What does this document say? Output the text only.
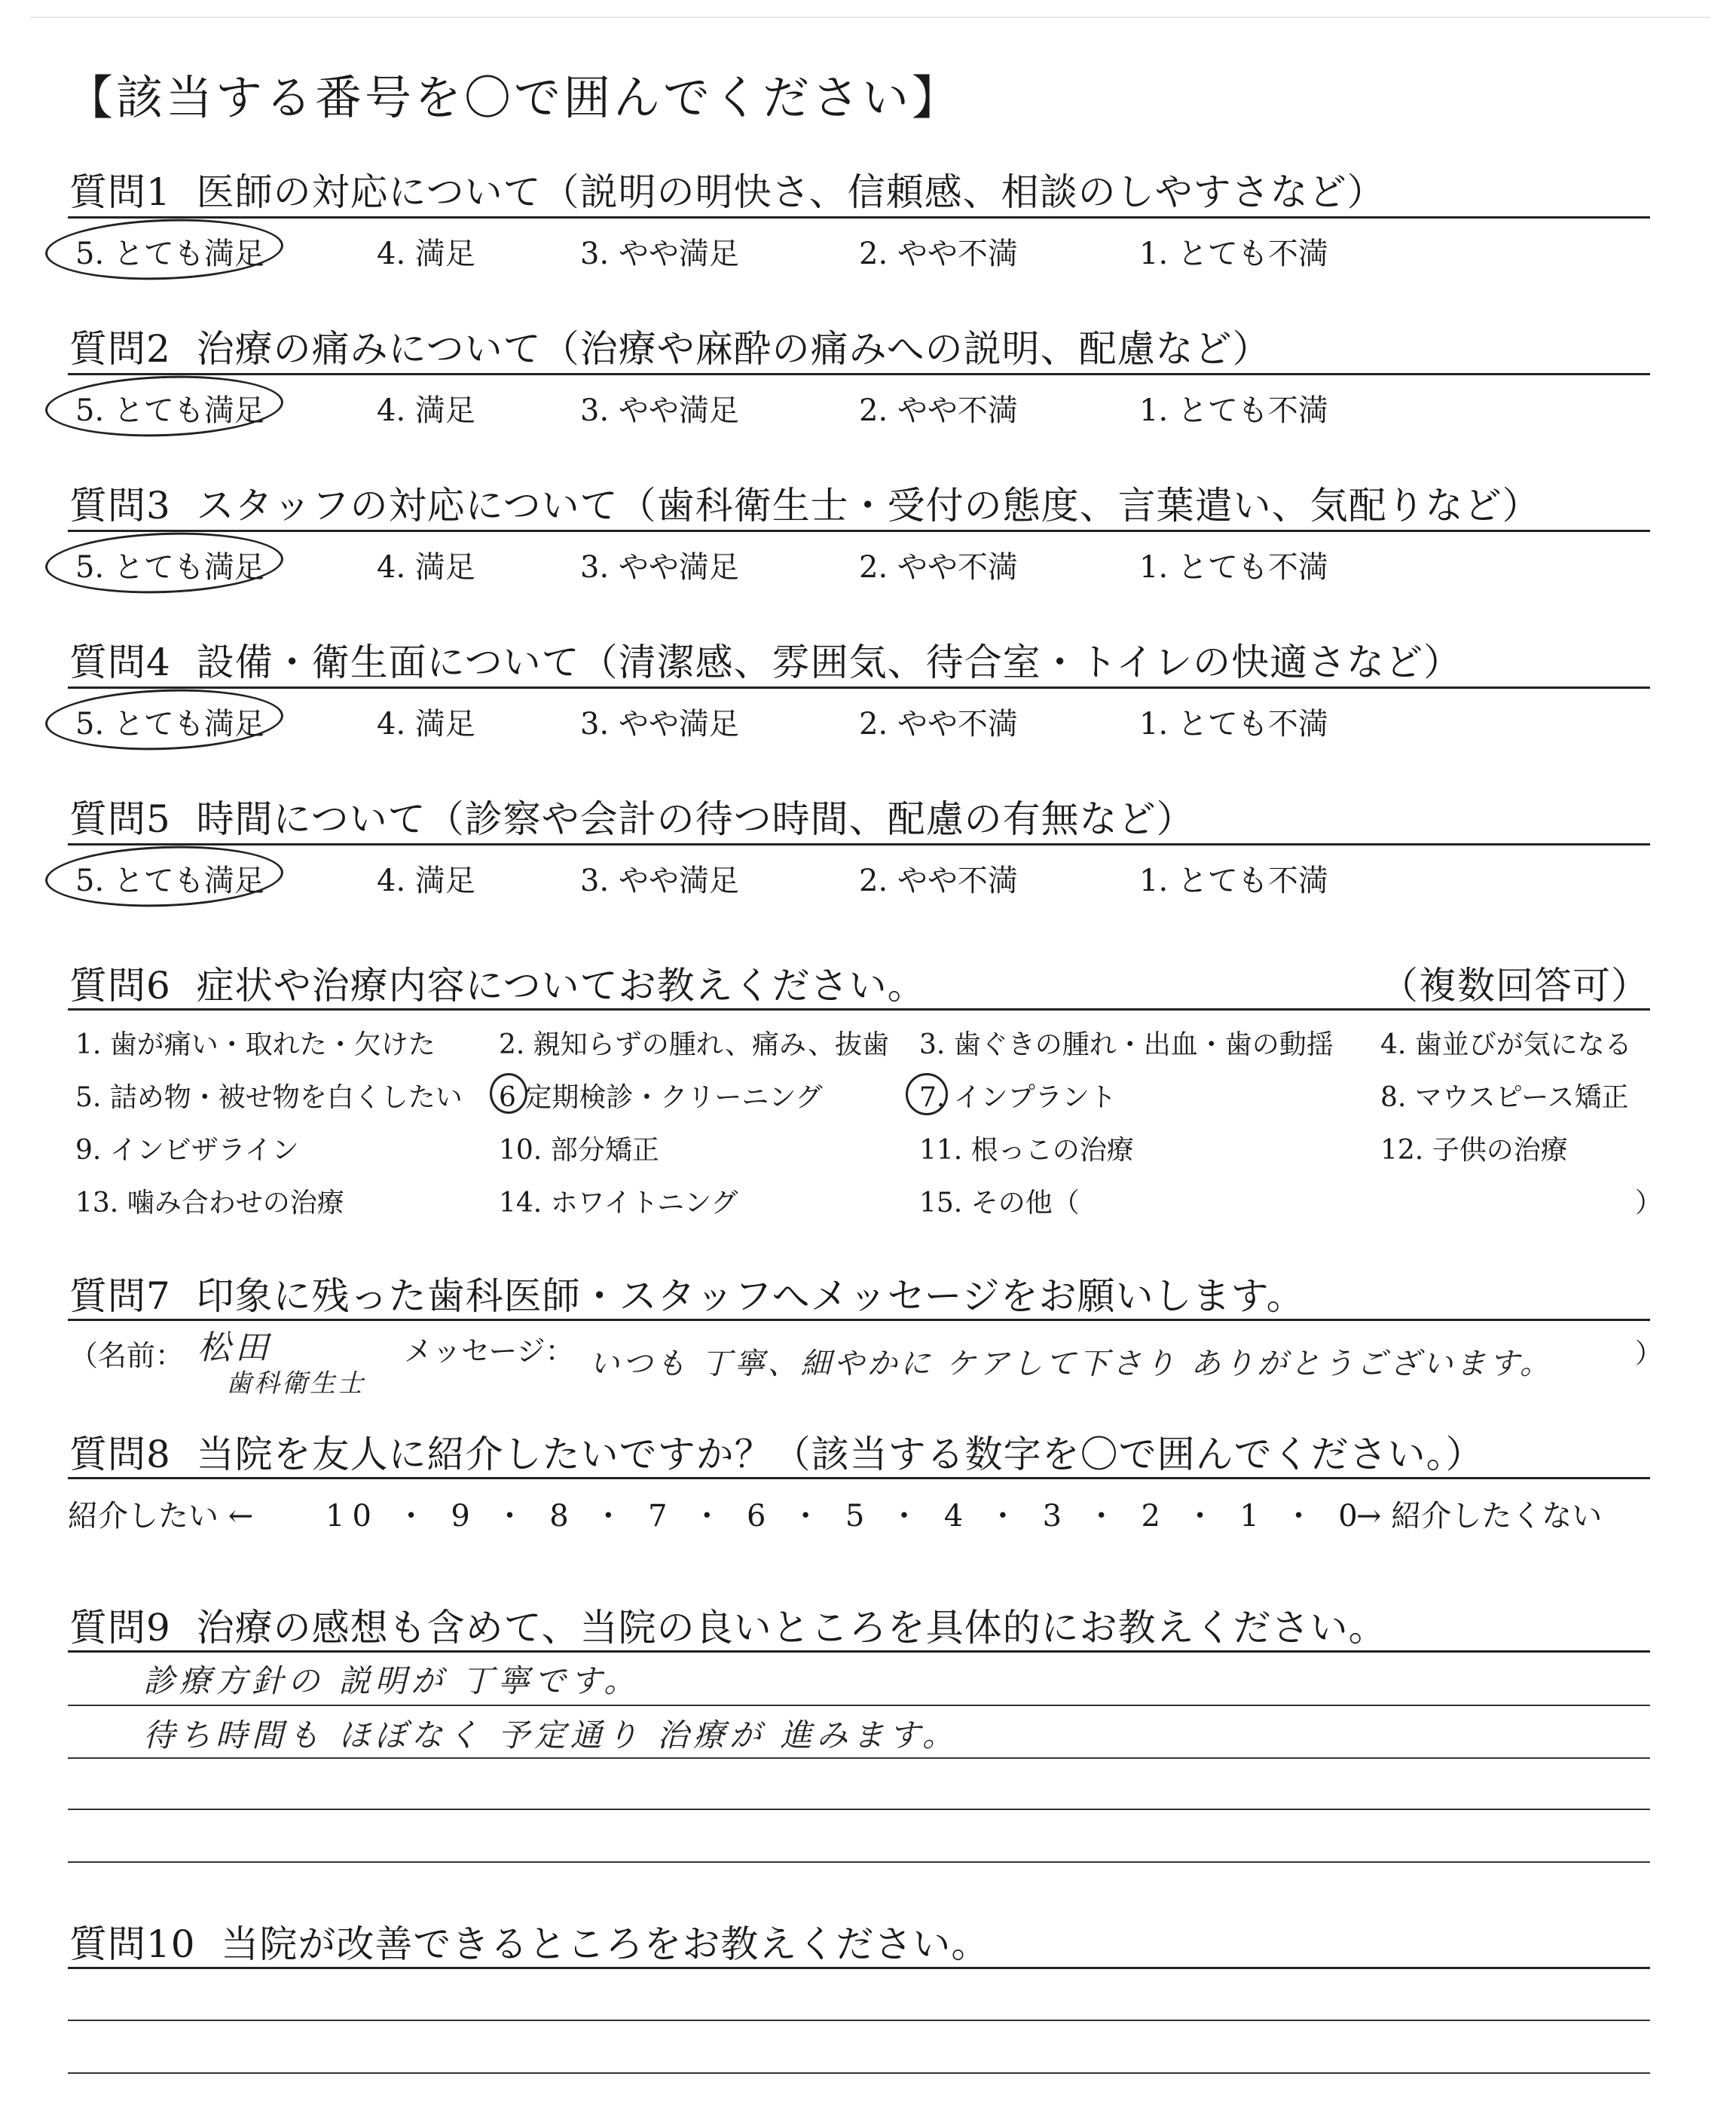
【該当する番号を〇で囲んでください】
質問1 医師の対応について（説明の明快さ、信頼感、相談のしやすさなど）
5. とても満足	4. 満足	3. やや満足	2. やや不満	1. とても不満
質問2 治療の痛みについて（治療や麻酔の痛みへの説明、配慮など）
5. とても満足	4. 満足	3. やや満足	2. やや不満	1. とても不満
質問3 スタッフの対応について（歯科衛生士・受付の態度、言葉遣い、気配りなど）
5. とても満足	4. 満足	3. やや満足	2. やや不満	1. とても不満
質問4 設備・衛生面について（清潔感、雰囲気、待合室・トイレの快適さなど）
5. とても満足	4. 満足	3. やや満足	2. やや不満	1. とても不満
質問5 時間について（診察や会計の待つ時間、配慮の有無など）
5. とても満足	4. 満足	3. やや満足	2. やや不満	1. とても不満
質問6 症状や治療内容についてお教えください。	（複数回答可）
1. 歯が痛い・取れた・欠けた 2. 親知らずの腫れ、痛み、抜歯 3. 歯ぐきの腫れ・出血・歯の動揺 4. 歯並びが気になる
5. 詰め物・被せ物を白くしたい 6 定期検診・クリーニング	7. インプラント	8. マウスピース矯正
9. インビザライン	10. 部分矯正	11. 根っこの治療	12. 子供の治療
13. 噛み合わせの治療	14. ホワイトニング	15. その他（	）
質問7 印象に残った歯科医師・スタッフへメッセージをお願いします。
（名前： 松田
歯科衛生士
メッセージ： いつも 丁寧、細やかに ケアして下さり ありがとうございます。	）
質問8 当院を友人に紹介したいですか？（該当する数字を〇で囲んでください。）
紹介したい ← 10 ・ 9 ・ 8 ・ 7 ・ 6 ・ 5 ・ 4 ・ 3 ・ 2 ・ 1 ・ 0
→ 紹介したくない
質問9 治療の感想も含めて、当院の良いところを具体的にお教えください。
診療方針の 説明が 丁寧です。
待ち時間も ほぼなく 予定通り 治療が 進みます。
質問10 当院が改善できるところをお教えください。
